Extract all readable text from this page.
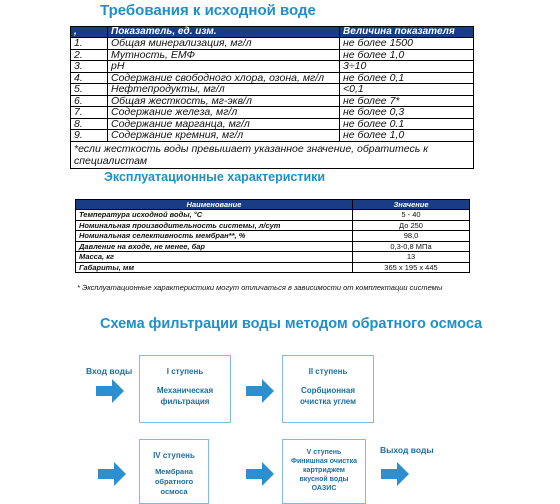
Требования к исходной воде
,	Показатель, ед. изм.	Величина показателя
1.	Общая минерализация, мг/л	не более 1500
2.	Мутность, ЕМФ	не более 1,0
3.	pH	3÷10
4.	Содержание свободного хлора, озона, мг/л	не более 0,1
5.	Нефтепродукты, мг/л	<0,1
6.	Общая жесткость, мг-экв/л	не более 7*
7.	Содержание железа, мг/л	не более 0,3
8.	Содержание марганца, мг/л	не более 0.1
9.	Содержание кремния, мг/л	не более 1,0
*если жесткость воды превышает указанное значение, обратитесь к специалистам		
Эксплуатационные характеристики
Наименование	Значение
Температура исходной воды, °С	5 - 40
Номинальная производительность системы, л/сут	До 250
Номинальная селективность мембран**, %	98,0
Давление на входе, не менее, бар	0,3-0,8 МПа
Масса, кг	13
Габариты, мм	365 x 195 x 445
* Эксплуатационные характеристики могут отличаться в зависимости от комплектации системы
Схема фильтрации воды методом обратного осмоса
Вход воды	I ступень
Механическая
фильтрация
II ступень
Сорбционная
очистка углем
IV ступень
Мембрана
обратного
осмоса
V ступень
Финишная очистка
картриджем
вкусной воды
ОАЗИС
Выход воды
